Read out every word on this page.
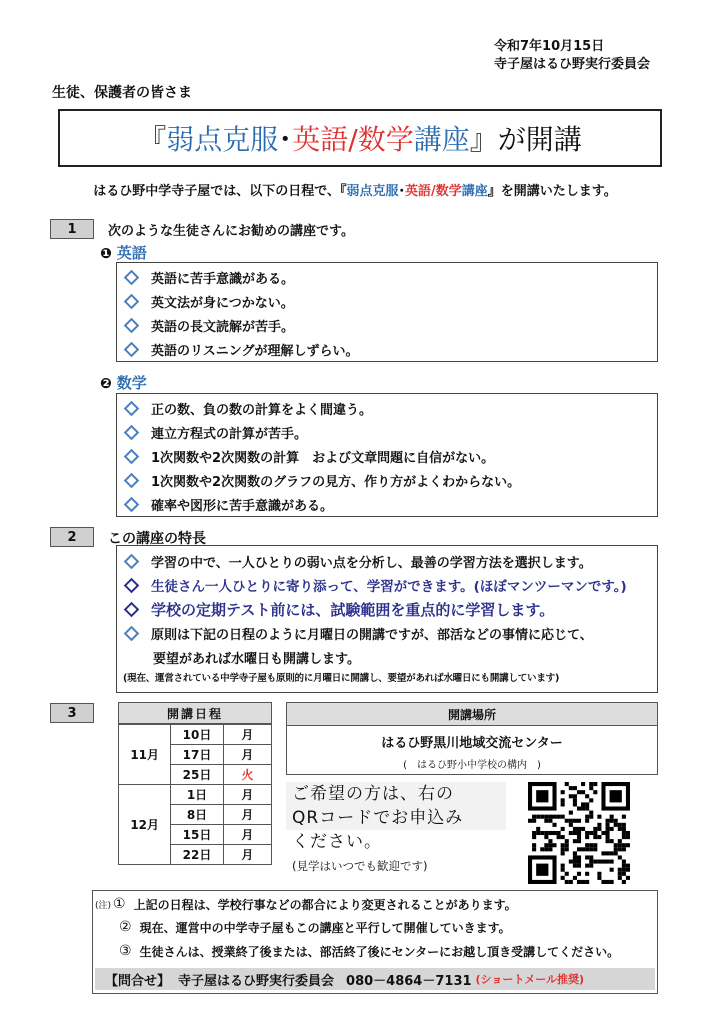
令和7年10月15日
寺子屋はるひ野実行委員会
生徒、保護者の皆さま
『 弱点克服 ･ 英語/数学 講座 』が開講
はるひ野中学寺子屋では、以下の日程で、『弱点克服･英語/数学講座』を開講いたします。
1	次のような生徒さんにお勧めの講座です。
❶ 英語
英語に苦手意識がある。
英文法が身につかない。
英語の長文読解が苦手。
英語のリスニングが理解しずらい。
❷ 数学
正の数、負の数の計算をよく間違う。
連立方程式の計算が苦手。
1次関数や2次関数の計算　および文章問題に自信がない。
1次関数や2次関数のグラフの見方、作り方がよくわからない。
確率や図形に苦手意識がある。
2	この講座の特長
学習の中で、一人ひとりの弱い点を分析し、最善の学習方法を選択します。
生徒さん一人ひとりに寄り添って、学習ができます。(ほぼマンツーマンです。)
学校の定期テスト前には、試験範囲を重点的に学習します。
原則は下記の日程のように月曜日の開講ですが、部活などの事情に応じて、
要望があれば水曜日も開講します。
(現在、運営されている中学寺子屋も原則的に月曜日に開講し、要望があれば水曜日にも開講しています)
3	開講日程
11月	10日	月
	17日	月
	25日	火
12月	1日	月
	8日	月
	15日	月
	22日	月
開講場所
はるひ野黒川地域交流センター
(　はるひ野小中学校の構内　)
ご希望の方は、右の
QRコードでお申込み
ください。
(見学はいつでも歓迎です)
(注) ① 上記の日程は、学校行事などの都合により変更されることがあります。
② 現在、運営中の中学寺子屋もこの講座と平行して開催していきます。
③ 生徒さんは、授業終了後または、部活終了後にセンターにお越し頂き受講してください。
【問合せ】 寺子屋はるひ野実行委員会 080－4864－7131 (ショートメール推奨)
